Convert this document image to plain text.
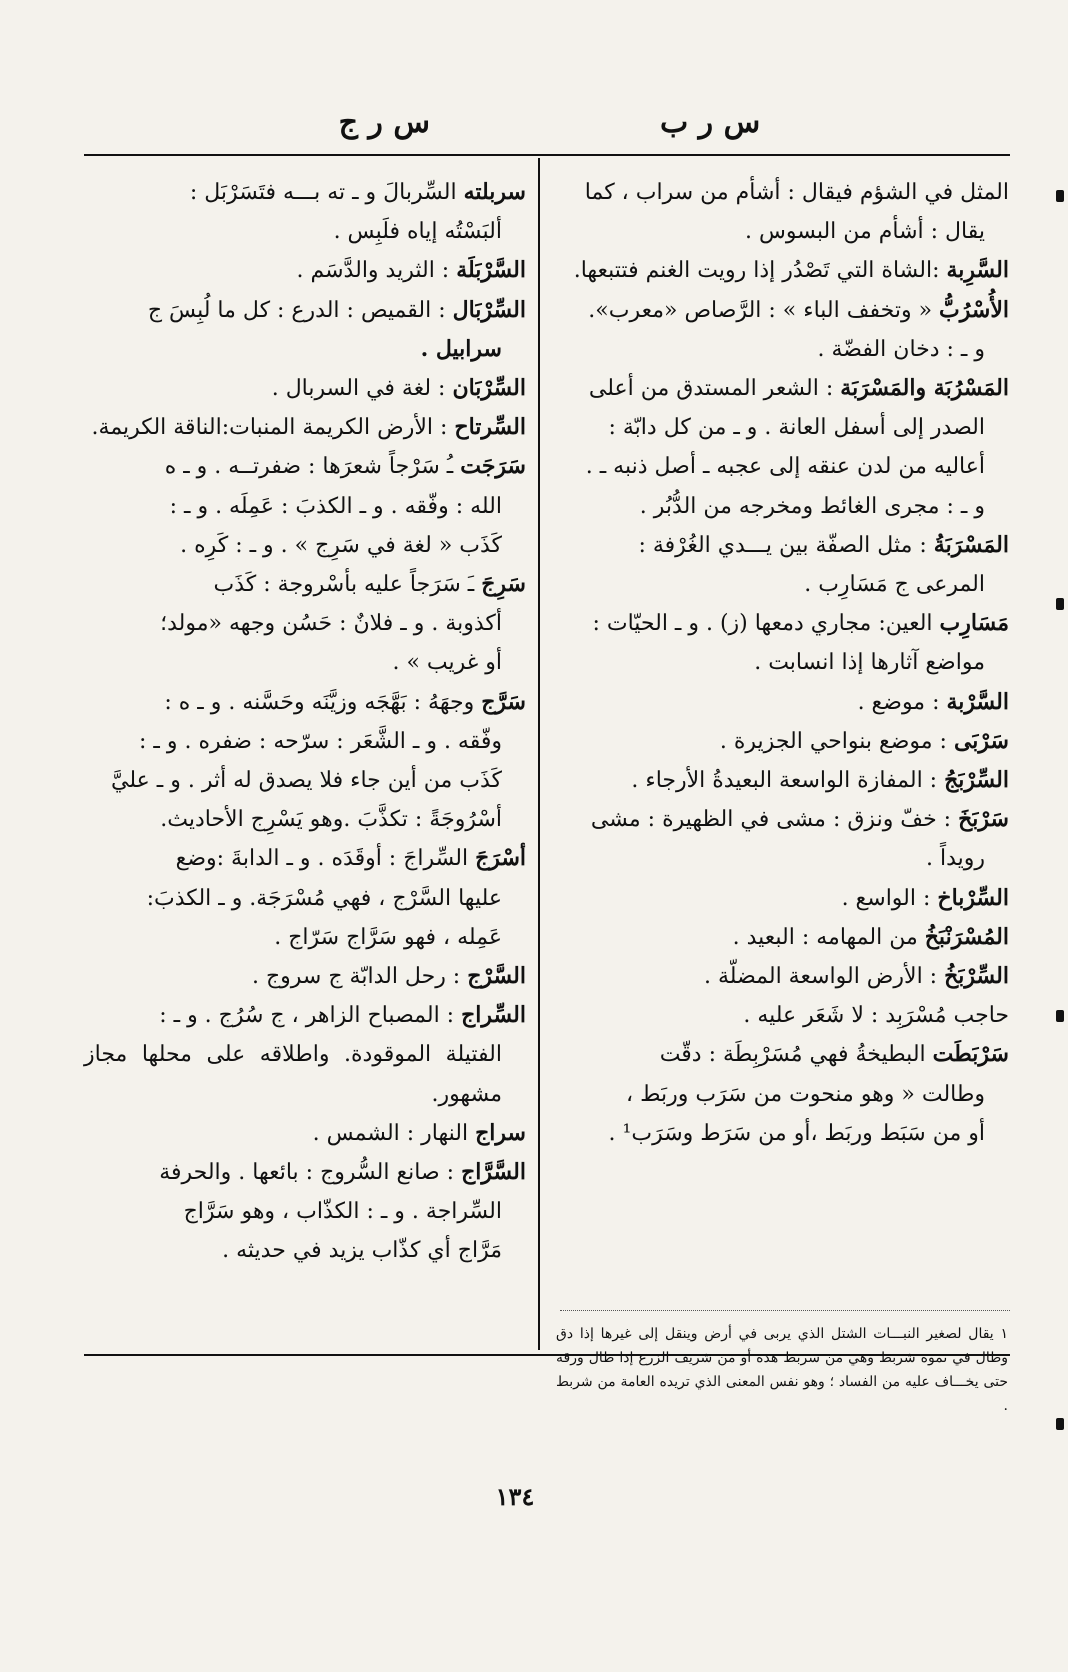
س ر ب
س ر ج

المثل في الشؤم فيقال : أشأم من سراب ، كما

يقال : أشأم من البسوس .

السَّرِبة :الشاة التي تَصْدُر إذا رويت الغنم فتتبعها.

الأُسْرُبُّ « وتخفف الباء » : الرَّصاص «معرب».

و ـ : دخان الفضّة .

المَسْرُبَة والمَسْرَبَة : الشعر المستدق من أعلى

الصدر إلى أسفل العانة . و ـ من كل دابّة :

أعاليه من لدن عنقه إلى عجبه ـ أصل ذنبه ـ .

و ـ : مجرى الغائط ومخرجه من الدُّبُر .

المَسْرَبَةُ : مثل الصفّة بين يـــدي الغُرْفة :

المرعى ج مَسَارِب .

مَسَارِب العين: مجاري دمعها (ز) . و ـ الحيّات :

مواضع آثارها إذا انسابت .

السَّرْبة : موضع .

سَرْبَى : موضع بنواحي الجزيرة .

السِّرْبَجُ : المفازة الواسعة البعيدةُ الأرجاء .

سَرْبَخَ : خفّ ونزق : مشى في الظهيرة : مشى

رويداً .

السِّرْباخ : الواسع .

المُسْرَنْبَخُ من المهامه : البعيد .

السِّرْبَخُ : الأرض الواسعة المضلّة .

حاجب مُسْرَبِد : لا شَعَر عليه .

سَرْبَطَت البطيخةُ فهي مُسَرْبِطَة : دقّت

وطالت « وهو منحوت من سَرَب وربَط ،

أو من سَبَط وربَط ،أو من سَرَط وسَرَب¹ .

سربلته السِّربالَ و ـ ته بـــه فتَسَرْبَل :

ألبَسْتُه إياه فلَبِس .

السَّرْبَلَة : الثريد والدَّسَم .

السِّرْبَال : القميص : الدرع : كل ما لُبِسَ ج

سرابيل .

السِّرْبَان : لغة في السربال .

السِّرتاح : الأرض الكريمة المنبات:الناقة الكريمة.

سَرَجَت ـُ سَرْجاً شعرَها : ضفرتــه . و ـ ه

الله : وفّقه . و ـ الكذبَ : عَمِلَه . و ـ :

كَذَب « لغة في سَرِج » . و ـ : كَرِه .

سَرِجَ ـَ سَرَجاً عليه بأسْروجة : كَذَب

أكذوبة . و ـ فلانٌ : حَسُن وجهه «مولد؛

أو غريب » .

سَرَّج وجهَهُ : بَهَّجَه وزيَّنَه وحَسَّنه . و ـ ه :

وفّقه . و ـ الشَّعَر : سرّحه : ضفره . و ـ :

كَذَب من أين جاء فلا يصدق له أثر . و ـ عليَّ

أسْرُوجَةً : تكذَّبَ .وهو يَسْرِج الأحاديث.

أسْرَجَ السِّراجَ : أوقَدَه . و ـ الدابةَ :وضع

عليها السَّرْج ، فهي مُسْرَجَة. و ـ الكذبَ:

عَمِله ، فهو سَرَّاج سَرّاج .

السَّرْج : رحل الدابّة ج سروج .

السِّراج : المصباح الزاهر ، ج سُرُج . و ـ :

الفتيلة الموقودة. واطلاقه على محلها مجاز مشهور.

سراج النهار : الشمس .

السَّرَّاج : صانع السُّروج : بائعها . والحرفة

السِّراجة . و ـ : الكذّاب ، وهو سَرَّاج

مَرَّاج أي كذّاب يزيد في حديثه .

١ يقال لصغير النبـــات الشتل الذي يربى في أرض وينقل إلى غيرها إذا دق وطال في نموه شربط وهي من سربط هذه أو من شريف الزرع إذا طال ورقه حتى يخـــاف عليه من الفساد ؛ وهو نفس المعنى الذي تريده العامة من شربط .
١٣٤
